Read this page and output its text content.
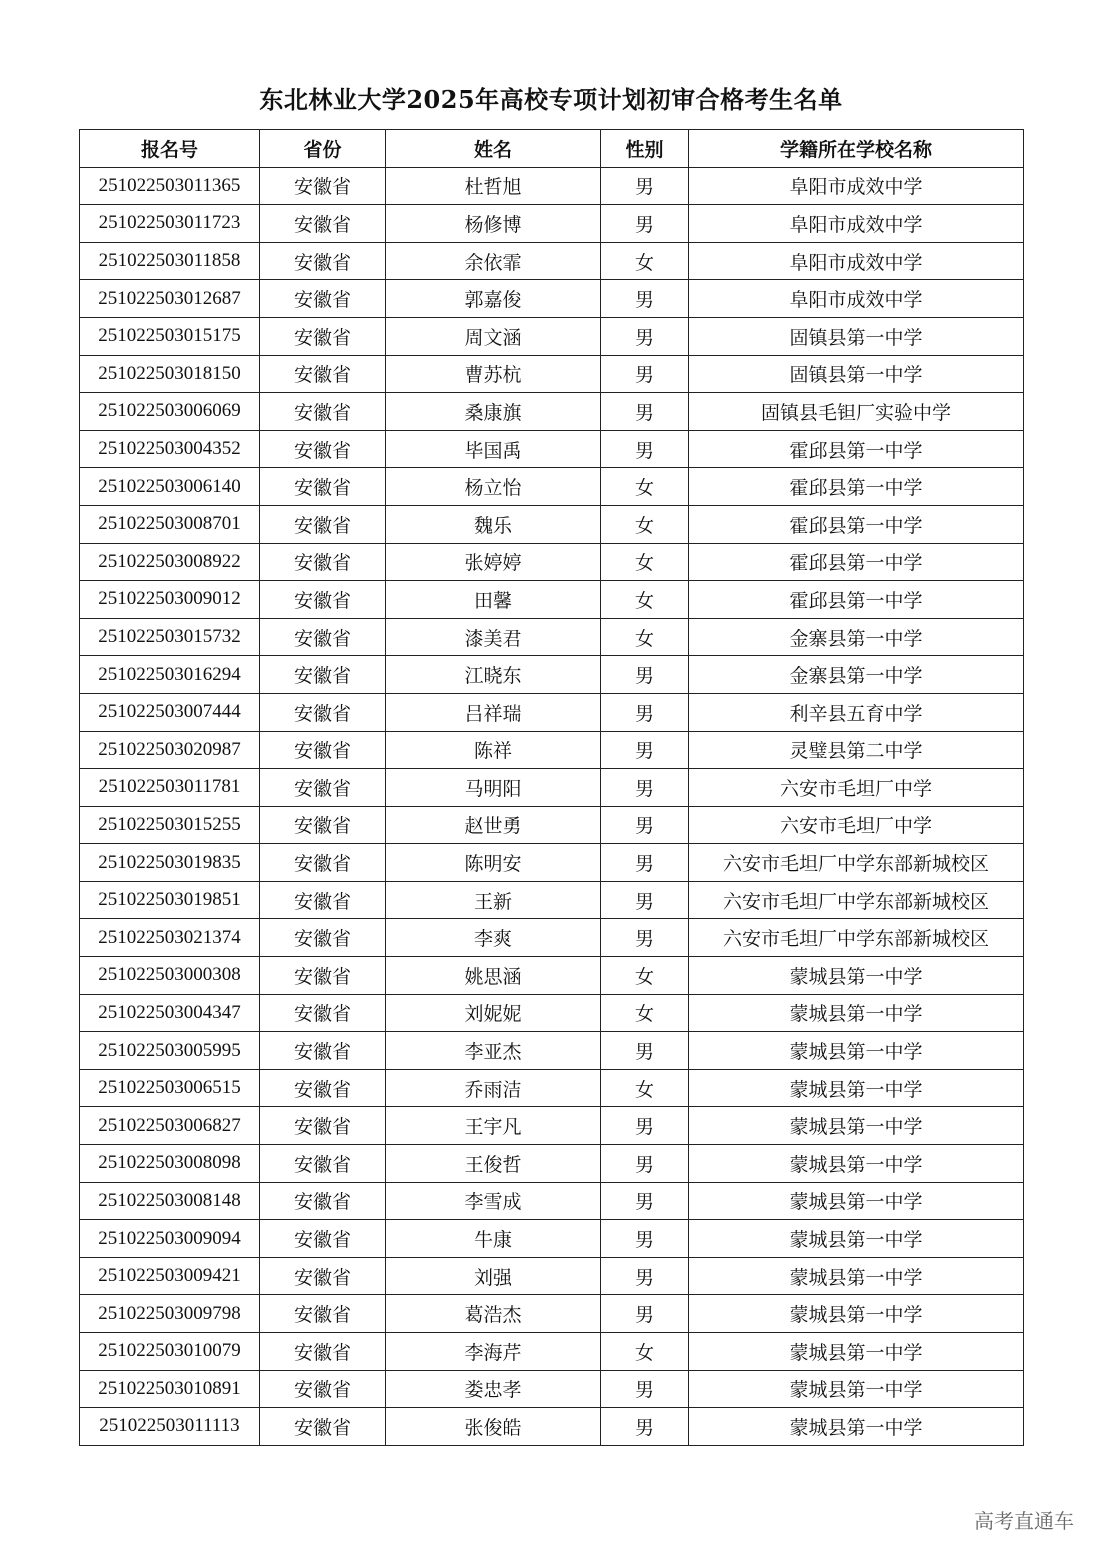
东北林业大学2025年高校专项计划初审合格考生名单
报名号	省份	姓名	性别	学籍所在学校名称
251022503011365	安徽省	杜哲旭	男	阜阳市成效中学
251022503011723	安徽省	杨修博	男	阜阳市成效中学
251022503011858	安徽省	余依霏	女	阜阳市成效中学
251022503012687	安徽省	郭嘉俊	男	阜阳市成效中学
251022503015175	安徽省	周文涵	男	固镇县第一中学
251022503018150	安徽省	曹苏杭	男	固镇县第一中学
251022503006069	安徽省	桑康旗	男	固镇县毛钽厂实验中学
251022503004352	安徽省	毕国禹	男	霍邱县第一中学
251022503006140	安徽省	杨立怡	女	霍邱县第一中学
251022503008701	安徽省	魏乐	女	霍邱县第一中学
251022503008922	安徽省	张婷婷	女	霍邱县第一中学
251022503009012	安徽省	田馨	女	霍邱县第一中学
251022503015732	安徽省	漆美君	女	金寨县第一中学
251022503016294	安徽省	江晓东	男	金寨县第一中学
251022503007444	安徽省	吕祥瑞	男	利辛县五育中学
251022503020987	安徽省	陈祥	男	灵璧县第二中学
251022503011781	安徽省	马明阳	男	六安市毛坦厂中学
251022503015255	安徽省	赵世勇	男	六安市毛坦厂中学
251022503019835	安徽省	陈明安	男	六安市毛坦厂中学东部新城校区
251022503019851	安徽省	王新	男	六安市毛坦厂中学东部新城校区
251022503021374	安徽省	李爽	男	六安市毛坦厂中学东部新城校区
251022503000308	安徽省	姚思涵	女	蒙城县第一中学
251022503004347	安徽省	刘妮妮	女	蒙城县第一中学
251022503005995	安徽省	李亚杰	男	蒙城县第一中学
251022503006515	安徽省	乔雨洁	女	蒙城县第一中学
251022503006827	安徽省	王宇凡	男	蒙城县第一中学
251022503008098	安徽省	王俊哲	男	蒙城县第一中学
251022503008148	安徽省	李雪成	男	蒙城县第一中学
251022503009094	安徽省	牛康	男	蒙城县第一中学
251022503009421	安徽省	刘强	男	蒙城县第一中学
251022503009798	安徽省	葛浩杰	男	蒙城县第一中学
251022503010079	安徽省	李海芹	女	蒙城县第一中学
251022503010891	安徽省	娄忠孝	男	蒙城县第一中学
251022503011113	安徽省	张俊皓	男	蒙城县第一中学
高考直通车
